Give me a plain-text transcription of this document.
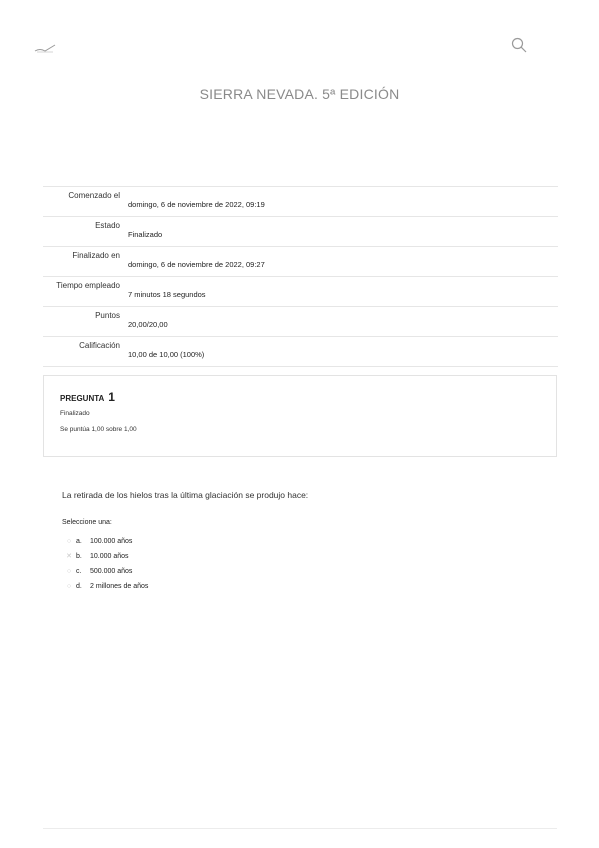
SIERRA NEVADA. 5ª EDICIÓN
Comenzado el	domingo, 6 de noviembre de 2022, 09:19
Estado	Finalizado
Finalizado en	domingo, 6 de noviembre de 2022, 09:27
Tiempo empleado	7 minutos 18 segundos
Puntos	20,00/20,00
Calificación	10,00 de 10,00 (100%)
PREGUNTA 1
Finalizado
Se puntúa 1,00 sobre 1,00
La retirada de los hielos tras la última glaciación se produjo hace:
Seleccione una:
○ a.	100.000 años
✕ b.	10.000 años
○ c.	500.000 años
○ d.	2 millones de años
